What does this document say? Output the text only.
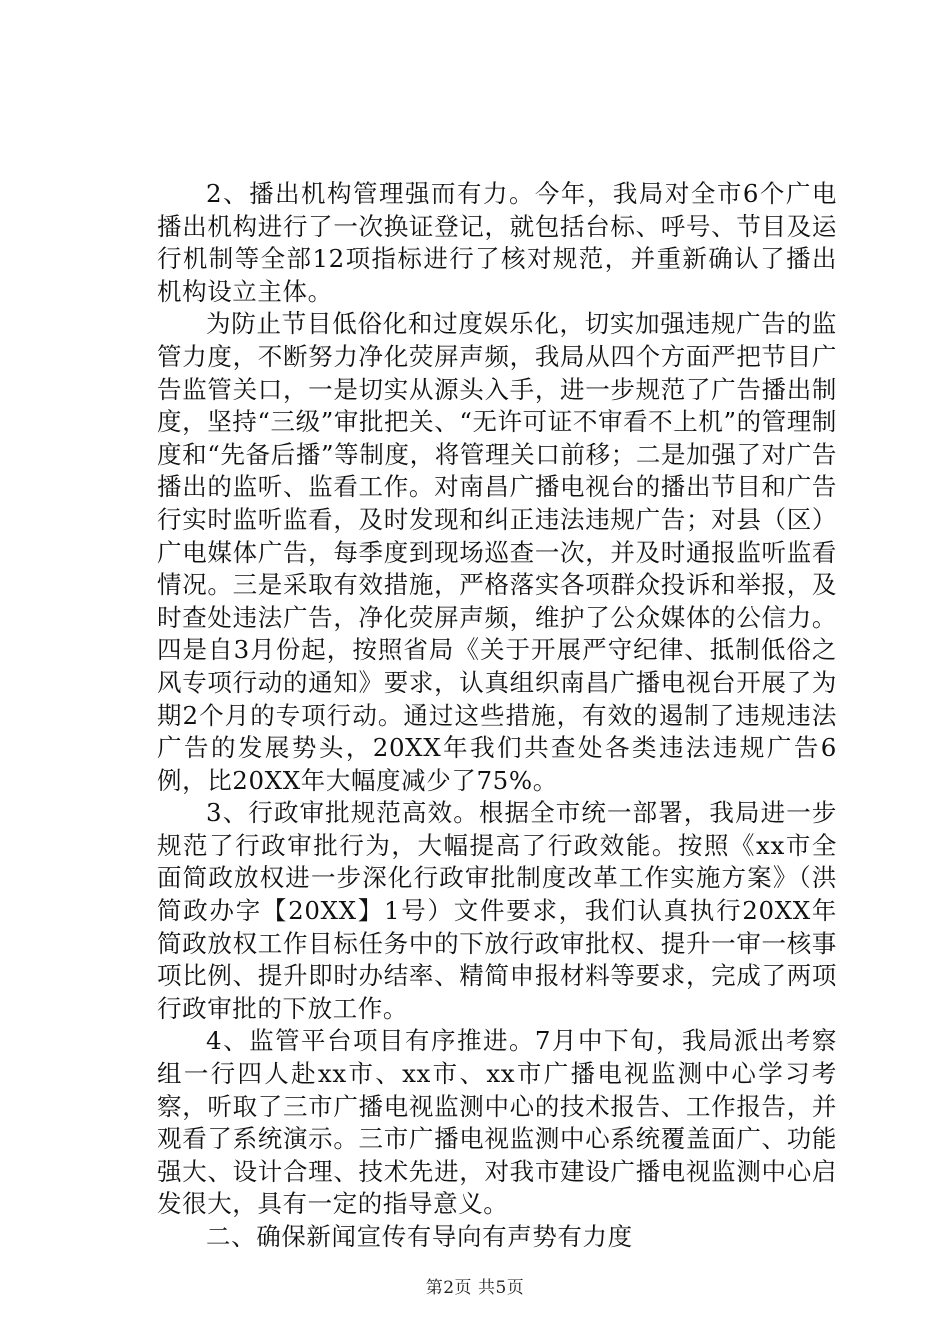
2、播出机构管理强而有力。今年，我局对全市6个广电播出机构进行了一次换证登记，就包括台标、呼号、节目及运行机制等全部12项指标进行了核对规范，并重新确认了播出机构设立主体。

为防止节目低俗化和过度娱乐化，切实加强违规广告的监管力度，不断努力净化荧屏声频，我局从四个方面严把节目广告监管关口，一是切实从源头入手，进一步规范了广告播出制度，坚持“三级”审批把关、“无许可证不审看不上机”的管理制度和“先备后播”等制度，将管理关口前移；二是加强了对广告播出的监听、监看工作。对南昌广播电视台的播出节目和广告行实时监听监看，及时发现和纠正违法违规广告；对县（区）广电媒体广告，每季度到现场巡查一次，并及时通报监听监看情况。三是采取有效措施，严格落实各项群众投诉和举报，及时查处违法广告，净化荧屏声频，维护了公众媒体的公信力。四是自3月份起，按照省局《关于开展严守纪律、抵制低俗之风专项行动的通知》要求，认真组织南昌广播电视台开展了为期2个月的专项行动。通过这些措施，有效的遏制了违规违法广告的发展势头，20XX年我们共查处各类违法违规广告6例，比20XX年大幅度减少了75%。

3、行政审批规范高效。根据全市统一部署，我局进一步规范了行政审批行为，大幅提高了行政效能。按照《xx市全面简政放权进一步深化行政审批制度改革工作实施方案》（洪简政办字【20XX】1号）文件要求，我们认真执行20XX年简政放权工作目标任务中的下放行政审批权、提升一审一核事项比例、提升即时办结率、精简申报材料等要求，完成了两项行政审批的下放工作。

4、监管平台项目有序推进。7月中下旬，我局派出考察组一行四人赴xx市、xx市、xx市广播电视监测中心学习考察，听取了三市广播电视监测中心的技术报告、工作报告，并观看了系统演示。三市广播电视监测中心系统覆盖面广、功能强大、设计合理、技术先进，对我市建设广播电视监测中心启发很大，具有一定的指导意义。

二、确保新闻宣传有导向有声势有力度

第2页 共5页
